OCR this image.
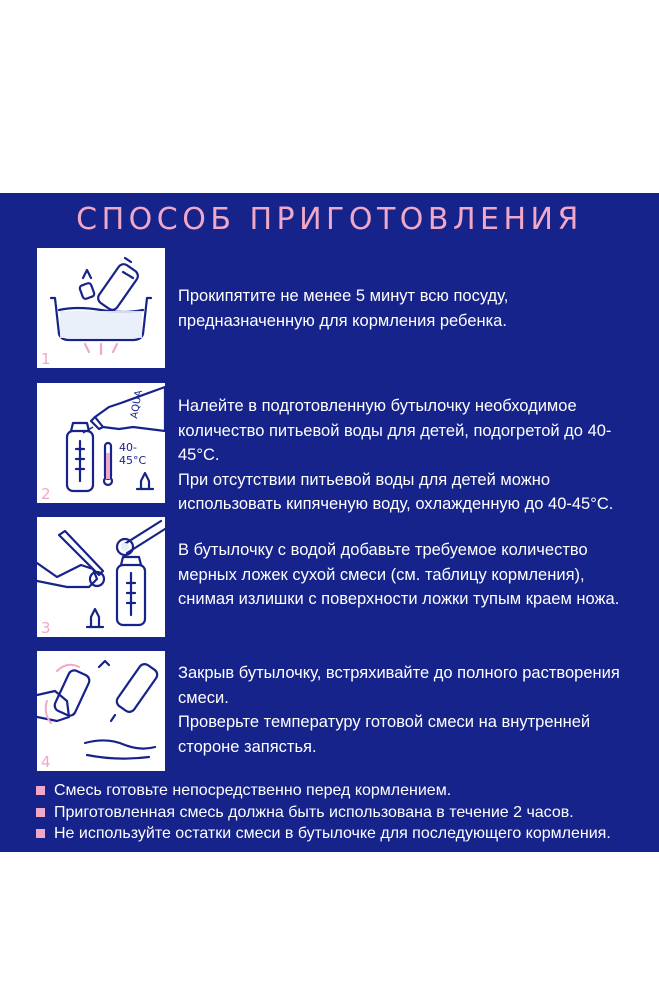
СПОСОБ ПРИГОТОВЛЕНИЯ
1
Прокипятите не менее 5 минут всю посуду,
предназначенную для кормления ребенка.
AQUA
40-
45°C
2
Налейте в подготовленную бутылочку необходимое
количество питьевой воды для детей, подогретой до 40-45°С.
При отсутствии питьевой воды для детей можно
использовать кипяченую воду, охлажденную до 40-45°С.
3
В бутылочку с водой добавьте требуемое количество
мерных ложек сухой смеси (см. таблицу кормления),
снимая излишки с поверхности ложки тупым краем ножа.
4
Закрыв бутылочку, встряхивайте до полного растворения
смеси.
Проверьте температуру готовой смеси на внутренней
стороне запястья.
Смесь готовьте непосредственно перед кормлением.
Приготовленная смесь должна быть использована в течение 2 часов.
Не используйте остатки смеси в бутылочке для последующего кормления.
